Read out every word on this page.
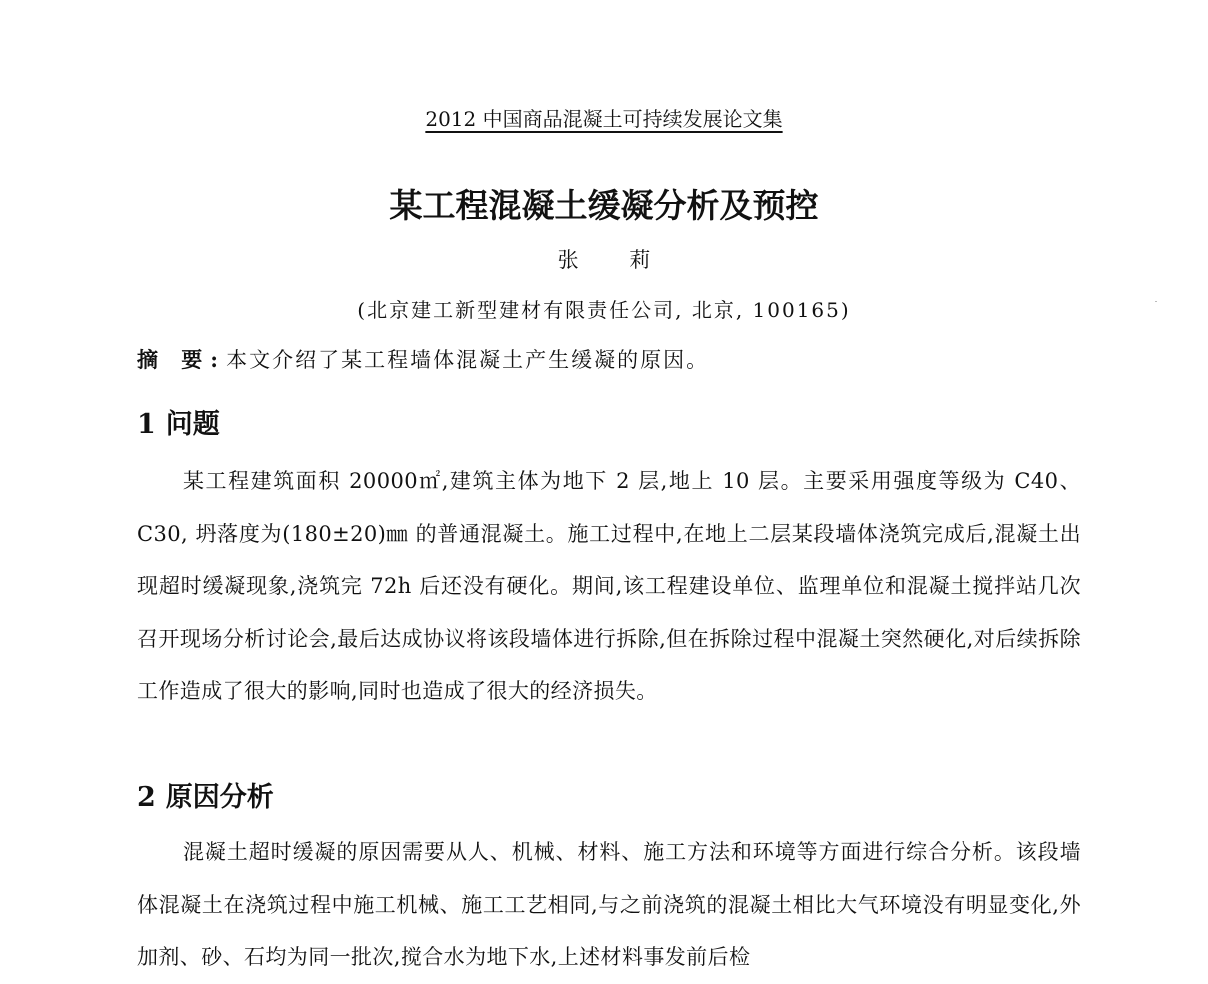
2012 中国商品混凝土可持续发展论文集
某工程混凝土缓凝分析及预控
张 莉
(北京建工新型建材有限责任公司, 北京, 100165)
摘 要:本文介绍了某工程墙体混凝土产生缓凝的原因。
1 问题
某工程建筑面积 20000㎡,建筑主体为地下 2 层,地上 10 层。主要采用强度等级为 C40、C30, 坍落度为(180±20)㎜ 的普通混凝土。施工过程中,在地上二层某段墙体浇筑完成后,混凝土出现超时缓凝现象,浇筑完 72h 后还没有硬化。期间,该工程建设单位、监理单位和混凝土搅拌站几次召开现场分析讨论会,最后达成协议将该段墙体进行拆除,但在拆除过程中混凝土突然硬化,对后续拆除工作造成了很大的影响,同时也造成了很大的经济损失。
2 原因分析
混凝土超时缓凝的原因需要从人、机械、材料、施工方法和环境等方面进行综合分析。该段墙体混凝土在浇筑过程中施工机械、施工工艺相同,与之前浇筑的混凝土相比大气环境没有明显变化,外加剂、砂、石均为同一批次,搅合水为地下水,上述材料事发前后检
